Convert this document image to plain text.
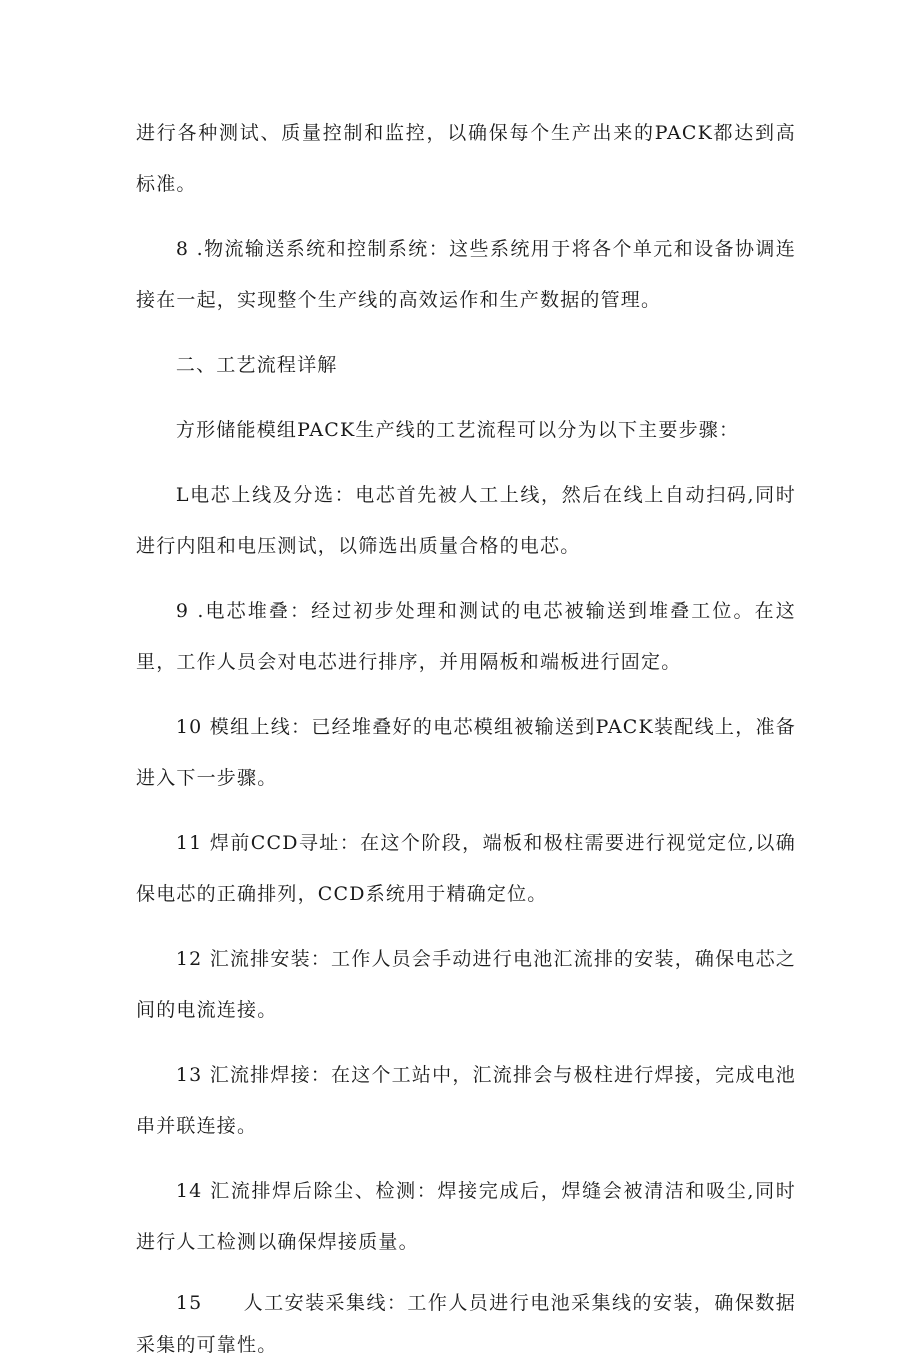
进行各种测试、质量控制和监控，以确保每个生产出来的PACK都达到高标准。

8 .物流输送系统和控制系统：这些系统用于将各个单元和设备协调连接在一起，实现整个生产线的高效运作和生产数据的管理。

二、工艺流程详解

方形储能模组PACK生产线的工艺流程可以分为以下主要步骤：

L电芯上线及分选：电芯首先被人工上线，然后在线上自动扫码,同时进行内阻和电压测试，以筛选出质量合格的电芯。

9 .电芯堆叠：经过初步处理和测试的电芯被输送到堆叠工位。在这里，工作人员会对电芯进行排序，并用隔板和端板进行固定。

10 模组上线：已经堆叠好的电芯模组被输送到PACK装配线上，准备进入下一步骤。

11 焊前CCD寻址：在这个阶段，端板和极柱需要进行视觉定位,以确保电芯的正确排列，CCD系统用于精确定位。

12 汇流排安装：工作人员会手动进行电池汇流排的安装，确保电芯之间的电流连接。

13 汇流排焊接：在这个工站中，汇流排会与极柱进行焊接，完成电池串并联连接。

14 汇流排焊后除尘、检测：焊接完成后，焊缝会被清洁和吸尘,同时进行人工检测以确保焊接质量。

15　　人工安装采集线：工作人员进行电池采集线的安装，确保数据采集的可靠性。
